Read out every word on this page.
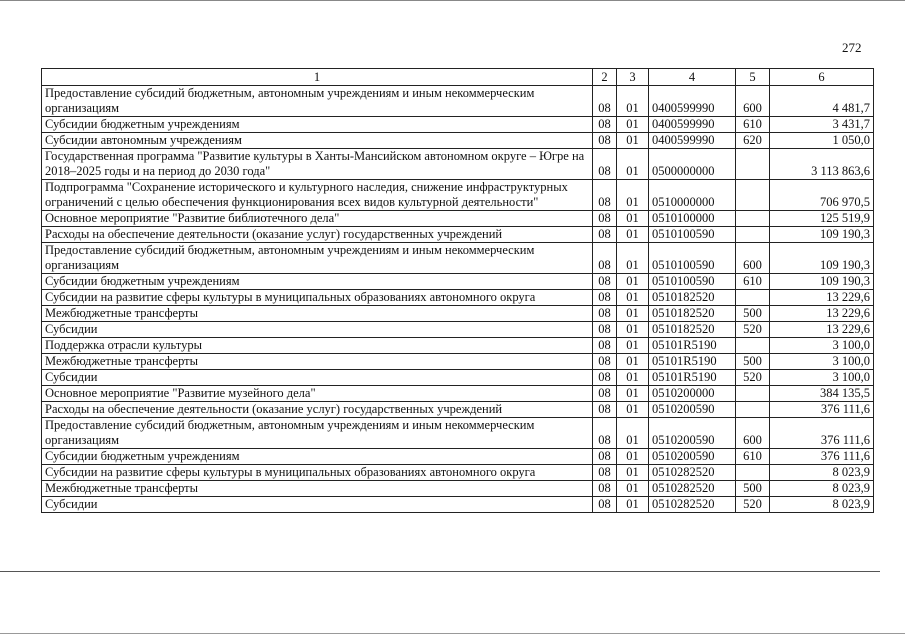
272
1	2	3	4	5	6
Предоставление субсидий бюджетным, автономным учреждениям и иным некоммерческим организациям	08	01	0400599990	600	4 481,7
Субсидии бюджетным учреждениям	08	01	0400599990	610	3 431,7
Субсидии автономным учреждениям	08	01	0400599990	620	1 050,0
Государственная программа "Развитие культуры в Ханты-Мансийском автономном округе – Югре на 2018–2025 годы и на период до 2030 года"	08	01	0500000000		3 113 863,6
Подпрограмма "Сохранение исторического и культурного наследия, снижение инфраструктурных ограничений с целью обеспечения функционирования всех видов культурной деятельности"	08	01	0510000000		706 970,5
Основное мероприятие "Развитие библиотечного дела"	08	01	0510100000		125 519,9
Расходы на обеспечение деятельности (оказание услуг) государственных учреждений	08	01	0510100590		109 190,3
Предоставление субсидий бюджетным, автономным учреждениям и иным некоммерческим организациям	08	01	0510100590	600	109 190,3
Субсидии бюджетным учреждениям	08	01	0510100590	610	109 190,3
Субсидии на развитие сферы культуры в муниципальных образованиях автономного округа	08	01	0510182520		13 229,6
Межбюджетные трансферты	08	01	0510182520	500	13 229,6
Субсидии	08	01	0510182520	520	13 229,6
Поддержка отрасли культуры	08	01	05101R5190		3 100,0
Межбюджетные трансферты	08	01	05101R5190	500	3 100,0
Субсидии	08	01	05101R5190	520	3 100,0
Основное мероприятие "Развитие музейного дела"	08	01	0510200000		384 135,5
Расходы на обеспечение деятельности (оказание услуг) государственных учреждений	08	01	0510200590		376 111,6
Предоставление субсидий бюджетным, автономным учреждениям и иным некоммерческим организациям	08	01	0510200590	600	376 111,6
Субсидии бюджетным учреждениям	08	01	0510200590	610	376 111,6
Субсидии на развитие сферы культуры в муниципальных образованиях автономного округа	08	01	0510282520		8 023,9
Межбюджетные трансферты	08	01	0510282520	500	8 023,9
Субсидии	08	01	0510282520	520	8 023,9
